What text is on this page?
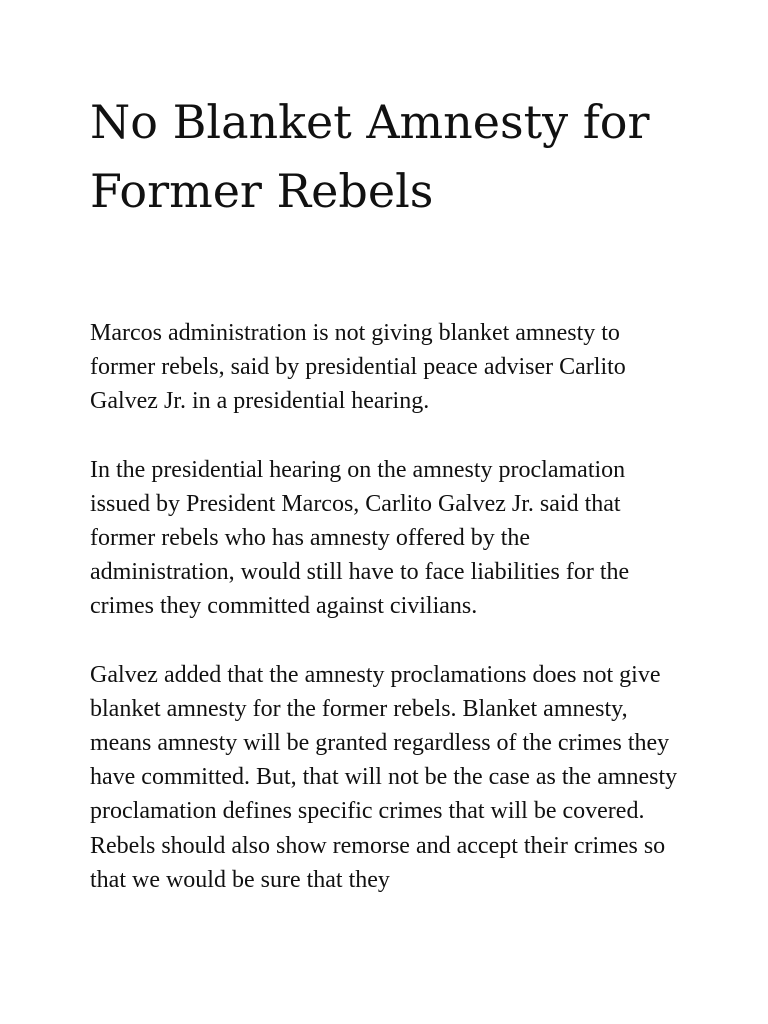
No Blanket Amnesty for Former Rebels

Marcos administration is not giving blanket amnesty to former rebels, said by presidential peace adviser Carlito Galvez Jr. in a presidential hearing.

In the presidential hearing on the amnesty proclamation issued by President Marcos, Carlito Galvez Jr. said that former rebels who has amnesty offered by the administration, would still have to face liabilities for the crimes they committed against civilians.

Galvez added that the amnesty proclamations does not give blanket amnesty for the former rebels. Blanket amnesty, means amnesty will be granted regardless of the crimes they have committed. But, that will not be the case as the amnesty proclamation defines specific crimes that will be covered. Rebels should also show remorse and accept their crimes so that we would be sure that they
